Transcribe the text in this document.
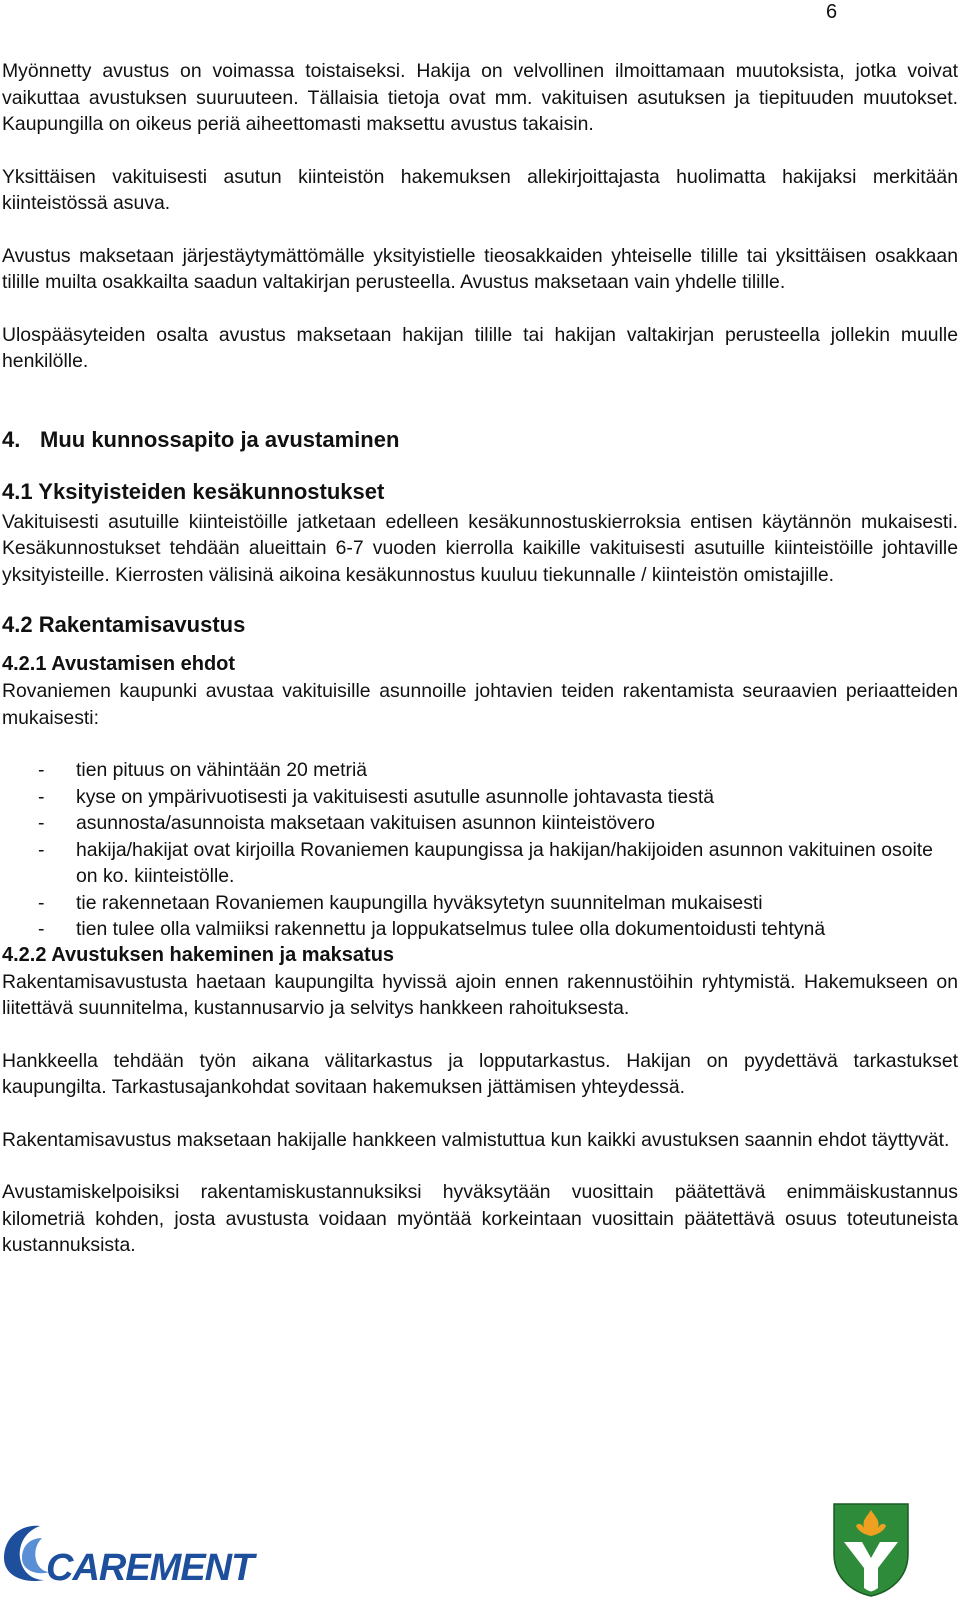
6

Myönnetty avustus on voimassa toistaiseksi. Hakija on velvollinen ilmoittamaan muutoksista, jotka voivat vaikuttaa avustuksen suuruuteen. Tällaisia tietoja ovat mm. vakituisen asutuksen ja tiepituuden muutokset. Kaupungilla on oikeus periä aiheettomasti maksettu avustus takaisin.

Yksittäisen vakituisesti asutun kiinteistön hakemuksen allekirjoittajasta huolimatta hakijaksi merkitään kiinteistössä asuva.

Avustus maksetaan järjestäytymättömälle yksityistielle tieosakkaiden yhteiselle tilille tai yksittäisen osakkaan tilille muilta osakkailta saadun valtakirjan perusteella. Avustus maksetaan vain yhdelle tilille.

Ulospääsyteiden osalta avustus maksetaan hakijan tilille tai hakijan valtakirjan perusteella jollekin muulle henkilölle.

4. Muu kunnossapito ja avustaminen
4.1 Yksityisteiden kesäkunnostukset

Vakituisesti asutuille kiinteistöille jatketaan edelleen kesäkunnostuskierroksia entisen käytännön mukaisesti. Kesäkunnostukset tehdään alueittain 6-7 vuoden kierrolla kaikille vakituisesti asutuille kiinteistöille johtaville yksityisteille. Kierrosten välisinä aikoina kesäkunnostus kuuluu tiekunnalle / kiinteistön omistajille.

4.2 Rakentamisavustus
4.2.1 Avustamisen ehdot

Rovaniemen kaupunki avustaa vakituisille asunnoille johtavien teiden rakentamista seuraavien periaatteiden mukaisesti:

- tien pituus on vähintään 20 metriä
- kyse on ympärivuotisesti ja vakituisesti asutulle asunnolle johtavasta tiestä
- asunnosta/asunnoista maksetaan vakituisen asunnon kiinteistövero
- hakija/hakijat ovat kirjoilla Rovaniemen kaupungissa ja hakijan/hakijoiden asunnon vakituinen osoite on ko. kiinteistölle.
- tie rakennetaan Rovaniemen kaupungilla hyväksytetyn suunnitelman mukaisesti
- tien tulee olla valmiiksi rakennettu ja loppukatselmus tulee olla dokumentoidusti tehtynä
4.2.2 Avustuksen hakeminen ja maksatus

Rakentamisavustusta haetaan kaupungilta hyvissä ajoin ennen rakennustöihin ryhtymistä. Hakemukseen on liitettävä suunnitelma, kustannusarvio ja selvitys hankkeen rahoituksesta.

Hankkeella tehdään työn aikana välitarkastus ja lopputarkastus. Hakijan on pyydettävä tarkastukset kaupungilta. Tarkastusajankohdat sovitaan hakemuksen jättämisen yhteydessä.

Rakentamisavustus maksetaan hakijalle hankkeen valmistuttua kun kaikki avustuksen saannin ehdot täyttyvät.

Avustamiskelpoisiksi rakentamiskustannuksiksi hyväksytään vuosittain päätettävä enimmäiskustannus kilometriä kohden, josta avustusta voidaan myöntää korkeintaan vuosittain päätettävä osuus toteutuneista kustannuksista.

CAREMENT
